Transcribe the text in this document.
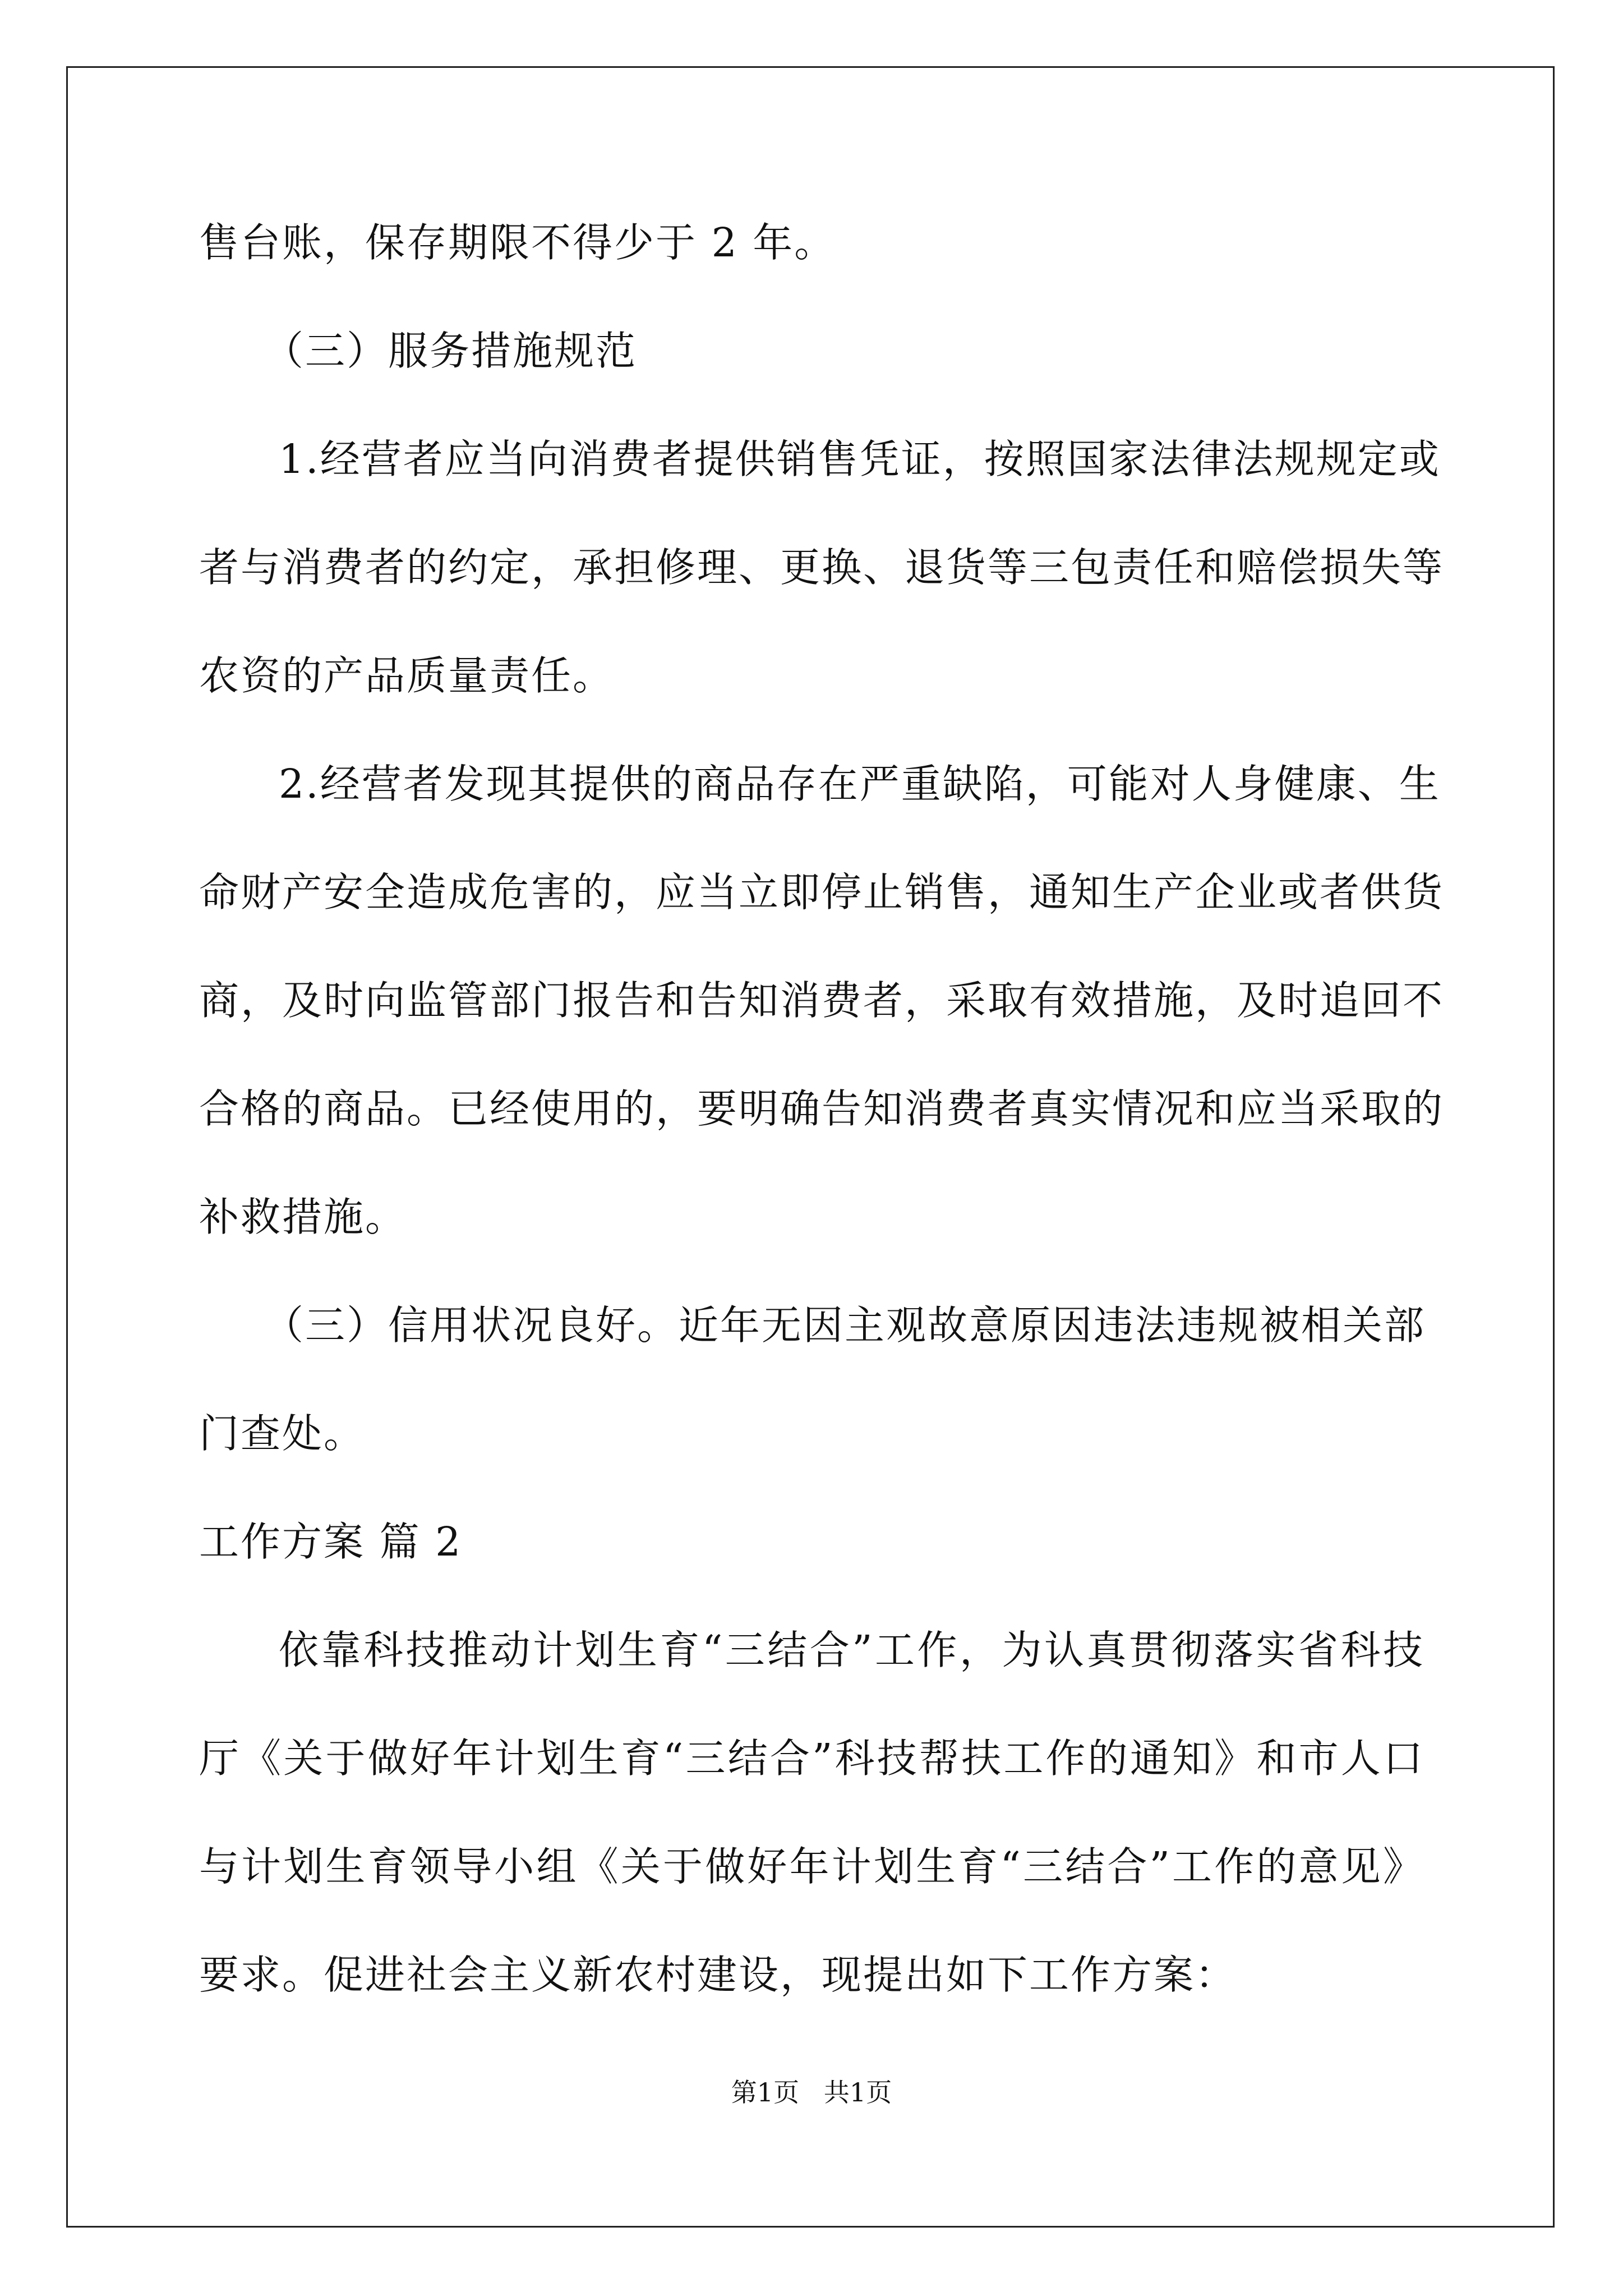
售台账，保存期限不得少于 2 年。
（三）服务措施规范
1.经营者应当向消费者提供销售凭证，按照国家法律法规规定或
者与消费者的约定，承担修理、更换、退货等三包责任和赔偿损失等
农资的产品质量责任。
2.经营者发现其提供的商品存在严重缺陷，可能对人身健康、生
命财产安全造成危害的，应当立即停止销售，通知生产企业或者供货
商，及时向监管部门报告和告知消费者，采取有效措施，及时追回不
合格的商品。已经使用的，要明确告知消费者真实情况和应当采取的
补救措施。
（三）信用状况良好。近年无因主观故意原因违法违规被相关部
门查处。
工作方案 篇 2
依靠科技推动计划生育“三结合”工作，为认真贯彻落实省科技
厅《关于做好年计划生育“三结合”科技帮扶工作的通知》和市人口
与计划生育领导小组《关于做好年计划生育“三结合”工作的意见》
要求。促进社会主义新农村建设，现提出如下工作方案：
第1页   共1页
